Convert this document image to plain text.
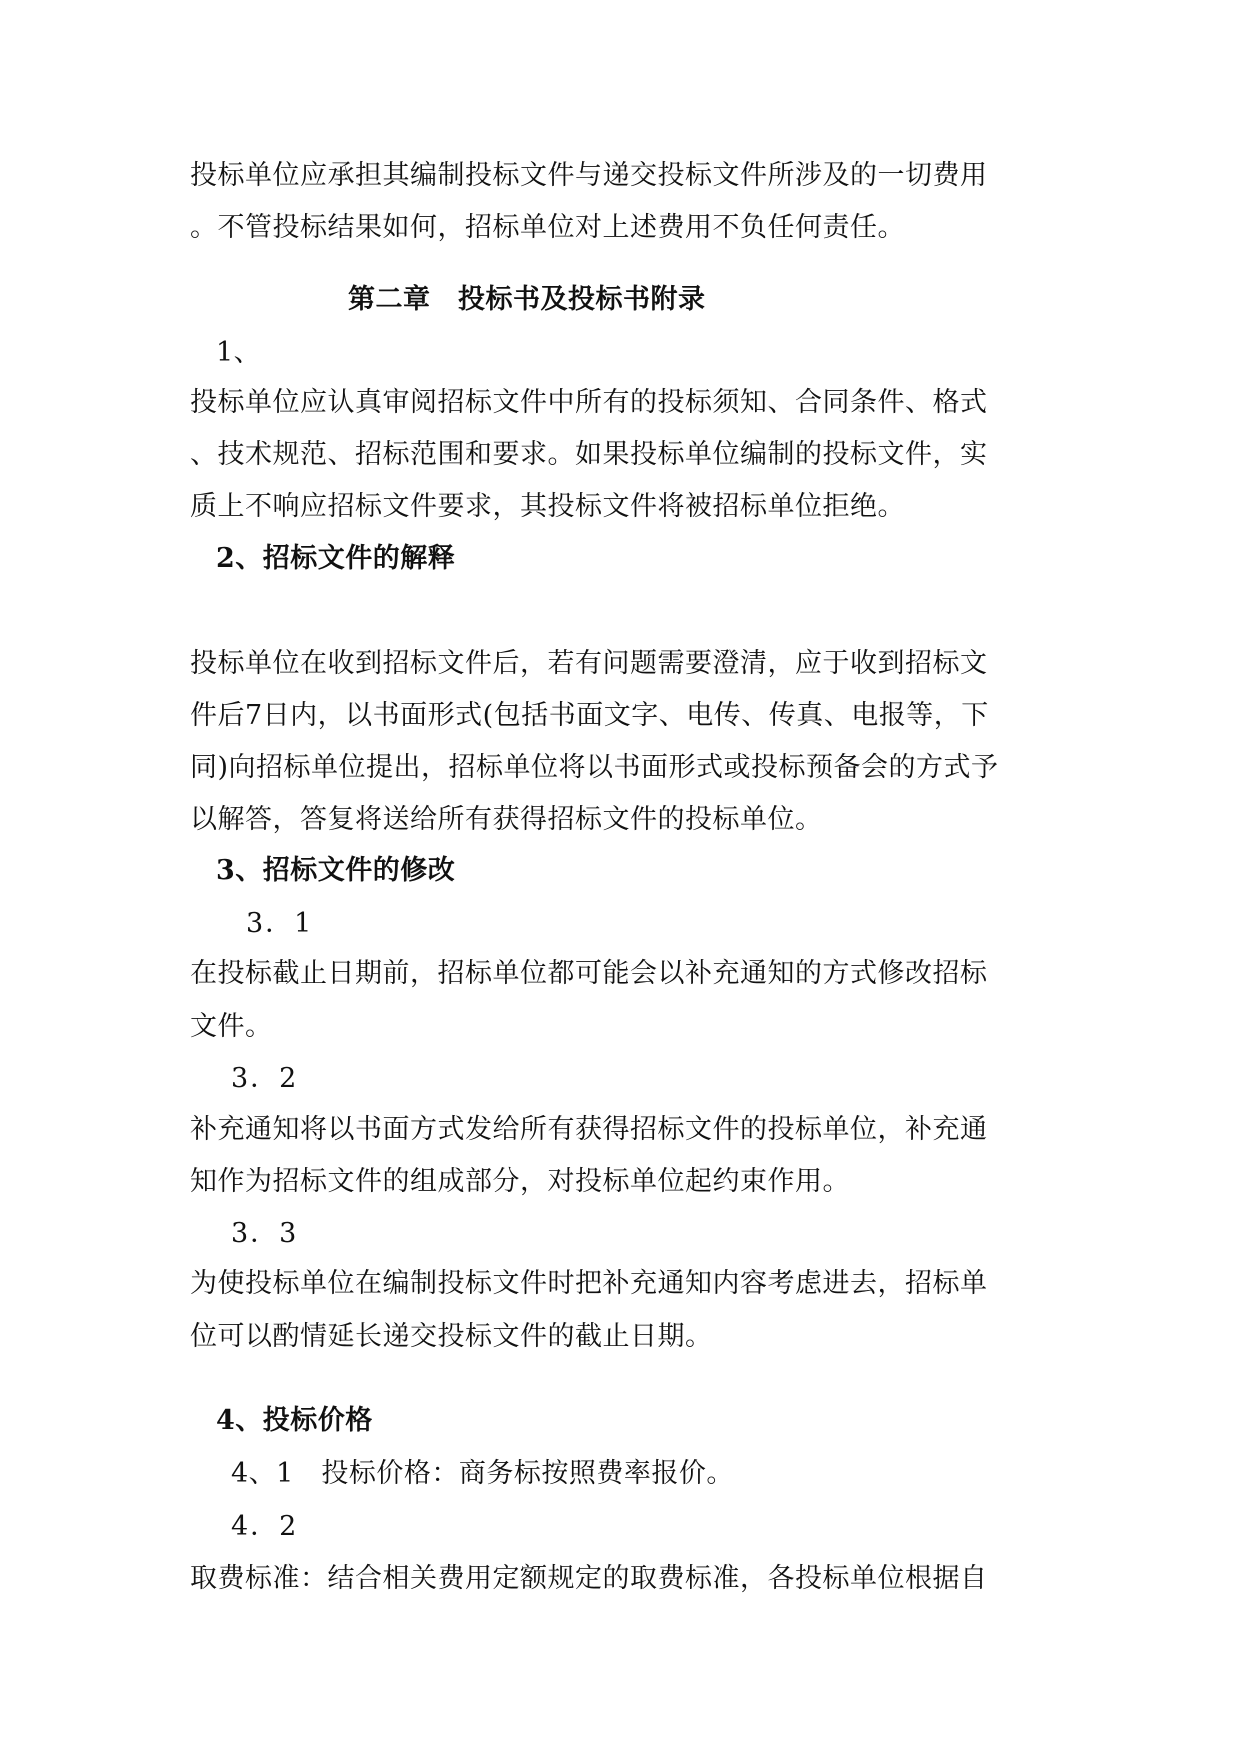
投标单位应承担其编制投标文件与递交投标文件所涉及的一切费用

。不管投标结果如何，招标单位对上述费用不负任何责任。

第二章　投标书及投标书附录

1、

投标单位应认真审阅招标文件中所有的投标须知、合同条件、格式

、技术规范、招标范围和要求。如果投标单位编制的投标文件，实

质上不响应招标文件要求，其投标文件将被招标单位拒绝。

2、招标文件的解释

投标单位在收到招标文件后，若有问题需要澄清，应于收到招标文

件后7日内，以书面形式(包括书面文字、电传、传真、电报等，下

同)向招标单位提出，招标单位将以书面形式或投标预备会的方式予

以解答，答复将送给所有获得招标文件的投标单位。

3、招标文件的修改

3．1

在投标截止日期前，招标单位都可能会以补充通知的方式修改招标

文件。

3．2

补充通知将以书面方式发给所有获得招标文件的投标单位，补充通

知作为招标文件的组成部分，对投标单位起约束作用。

3．3

为使投标单位在编制投标文件时把补充通知内容考虑进去，招标单

位可以酌情延长递交投标文件的截止日期。

4、投标价格

4、1　投标价格：商务标按照费率报价。

4．2

取费标准：结合相关费用定额规定的取费标准，各投标单位根据自
